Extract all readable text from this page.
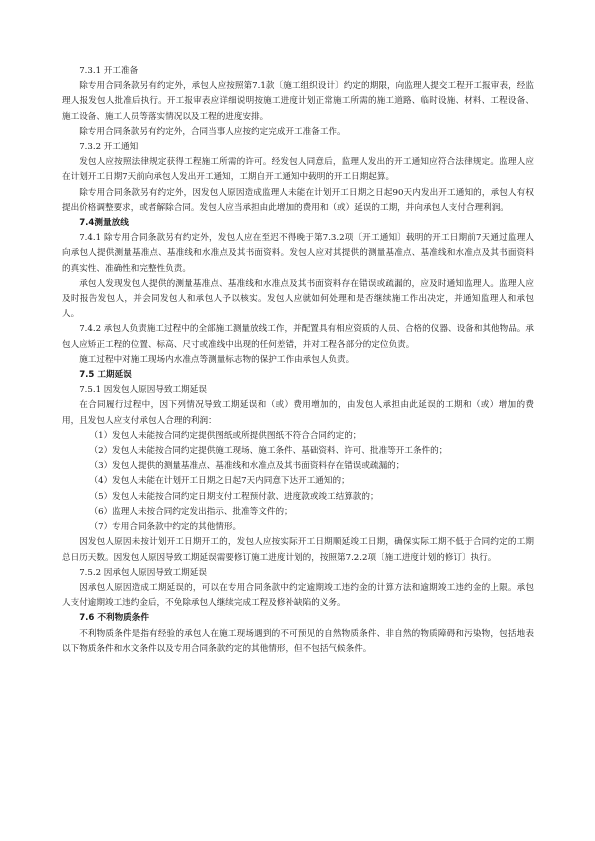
7.3.1 开工准备

除专用合同条款另有约定外，承包人应按照第7.1款〔施工组织设计〕约定的期限，向监理人提交工程开工报审表，经监理人报发包人批准后执行。开工报审表应详细说明按施工进度计划正常施工所需的施工道路、临时设施、材料、工程设备、施工设备、施工人员等落实情况以及工程的进度安排。

除专用合同条款另有约定外，合同当事人应按约定完成开工准备工作。

7.3.2 开工通知

发包人应按照法律规定获得工程施工所需的许可。经发包人同意后，监理人发出的开工通知应符合法律规定。监理人应在计划开工日期7天前向承包人发出开工通知，工期自开工通知中载明的开工日期起算。

除专用合同条款另有约定外，因发包人原因造成监理人未能在计划开工日期之日起90天内发出开工通知的，承包人有权提出价格调整要求，或者解除合同。发包人应当承担由此增加的费用和（或）延误的工期，并向承包人支付合理利润。

7.4测量放线

7.4.1 除专用合同条款另有约定外，发包人应在至迟不得晚于第7.3.2项〔开工通知〕载明的开工日期前7天通过监理人向承包人提供测量基准点、基准线和水准点及其书面资料。发包人应对其提供的测量基准点、基准线和水准点及其书面资料的真实性、准确性和完整性负责。

承包人发现发包人提供的测量基准点、基准线和水准点及其书面资料存在错误或疏漏的，应及时通知监理人。监理人应及时报告发包人，并会同发包人和承包人予以核实。发包人应就如何处理和是否继续施工作出决定，并通知监理人和承包人。

7.4.2 承包人负责施工过程中的全部施工测量放线工作，并配置具有相应资质的人员、合格的仪器、设备和其他物品。承包人应矫正工程的位置、标高、尺寸或准线中出现的任何差错，并对工程各部分的定位负责。

施工过程中对施工现场内水准点等测量标志物的保护工作由承包人负责。

7.5 工期延误

7.5.1 因发包人原因导致工期延误

在合同履行过程中，因下列情况导致工期延误和（或）费用增加的，由发包人承担由此延误的工期和（或）增加的费用，且发包人应支付承包人合理的利润：

（1）发包人未能按合同约定提供图纸或所提供图纸不符合合同约定的；

（2）发包人未能按合同约定提供施工现场、施工条件、基础资料、许可、批准等开工条件的；

（3）发包人提供的测量基准点、基准线和水准点及其书面资料存在错误或疏漏的；

（4）发包人未能在计划开工日期之日起7天内同意下达开工通知的；

（5）发包人未能按合同约定日期支付工程预付款、进度款或竣工结算款的；

（6）监理人未按合同约定发出指示、批准等文件的；

（7）专用合同条款中约定的其他情形。

因发包人原因未按计划开工日期开工的，发包人应按实际开工日期顺延竣工日期，确保实际工期不低于合同约定的工期总日历天数。因发包人原因导致工期延误需要修订施工进度计划的，按照第7.2.2项〔施工进度计划的修订〕执行。

7.5.2 因承包人原因导致工期延误

因承包人原因造成工期延误的，可以在专用合同条款中约定逾期竣工违约金的计算方法和逾期竣工违约金的上限。承包人支付逾期竣工违约金后，不免除承包人继续完成工程及修补缺陷的义务。

7.6 不利物质条件

不利物质条件是指有经验的承包人在施工现场遇到的不可预见的自然物质条件、非自然的物质障碍和污染物，包括地表以下物质条件和水文条件以及专用合同条款约定的其他情形，但不包括气候条件。
